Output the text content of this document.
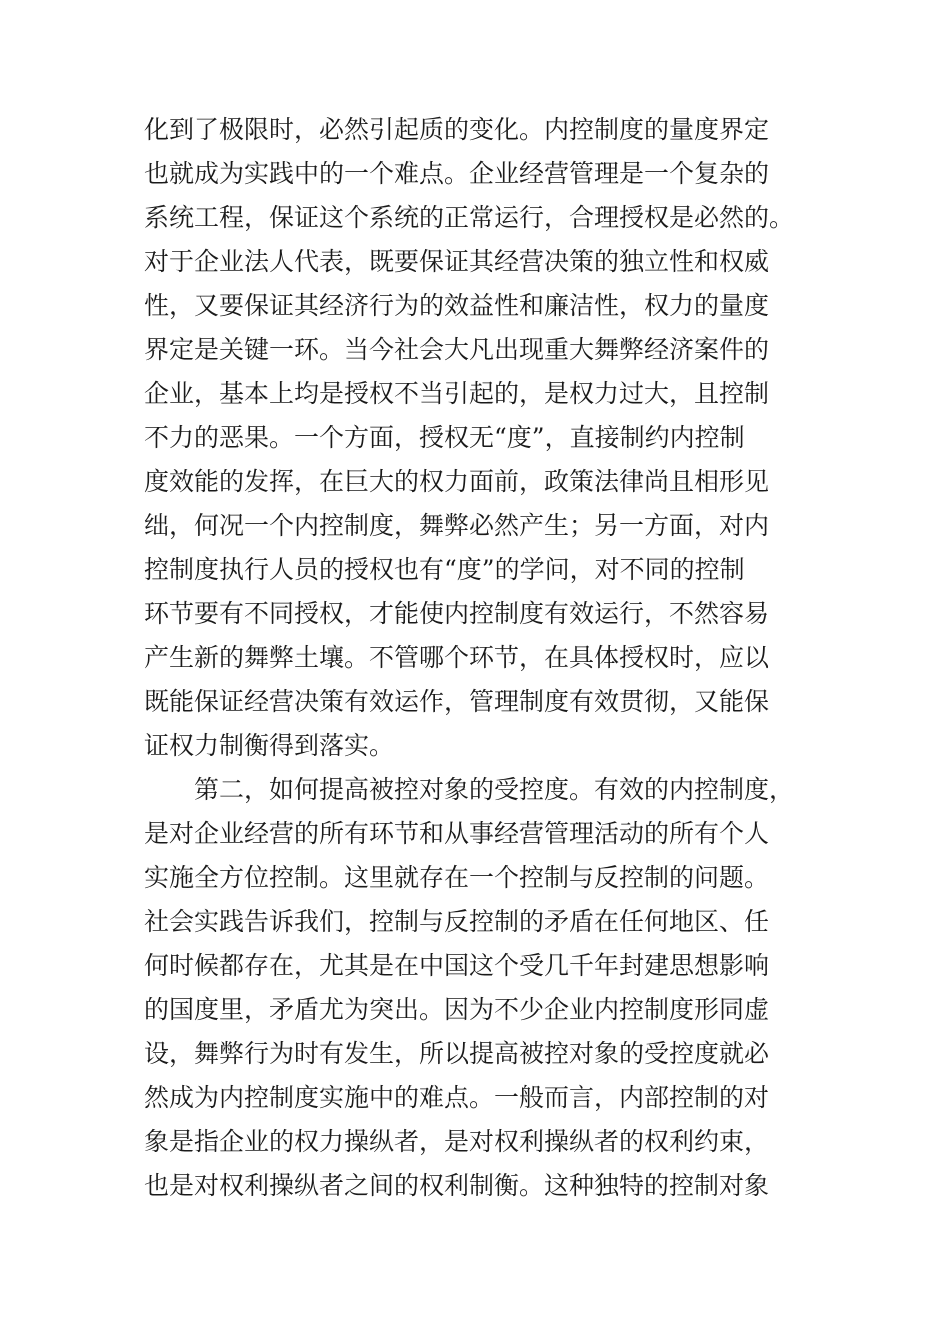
化到了极限时，必然引起质的变化。内控制度的量度界定
也就成为实践中的一个难点。企业经营管理是一个复杂的
系统工程，保证这个系统的正常运行，合理授权是必然的。
对于企业法人代表，既要保证其经营决策的独立性和权威
性，又要保证其经济行为的效益性和廉洁性，权力的量度
界定是关键一环。当今社会大凡出现重大舞弊经济案件的
企业，基本上均是授权不当引起的，是权力过大，且控制
不力的恶果。一个方面，授权无“度”，直接制约内控制
度效能的发挥，在巨大的权力面前，政策法律尚且相形见
绌，何况一个内控制度，舞弊必然产生；另一方面，对内
控制度执行人员的授权也有“度”的学问，对不同的控制
环节要有不同授权，才能使内控制度有效运行，不然容易
产生新的舞弊土壤。不管哪个环节，在具体授权时，应以
既能保证经营决策有效运作，管理制度有效贯彻，又能保
证权力制衡得到落实。
第二，如何提高被控对象的受控度。有效的内控制度，
是对企业经营的所有环节和从事经营管理活动的所有个人
实施全方位控制。这里就存在一个控制与反控制的问题。
社会实践告诉我们，控制与反控制的矛盾在任何地区、任
何时候都存在，尤其是在中国这个受几千年封建思想影响
的国度里，矛盾尤为突出。因为不少企业内控制度形同虚
设，舞弊行为时有发生，所以提高被控对象的受控度就必
然成为内控制度实施中的难点。一般而言，内部控制的对
象是指企业的权力操纵者，是对权利操纵者的权利约束，
也是对权利操纵者之间的权利制衡。这种独特的控制对象
